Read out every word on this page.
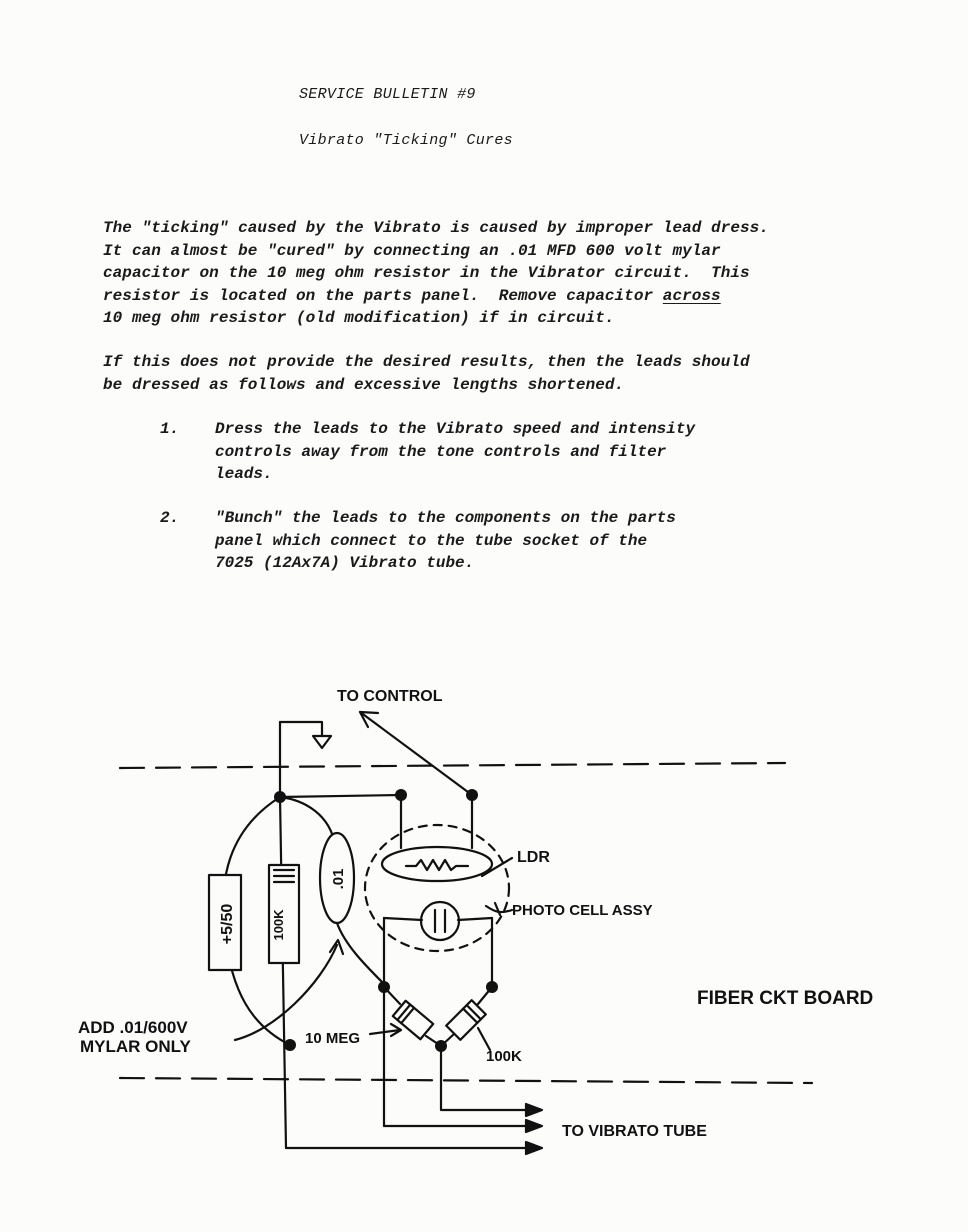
SERVICE BULLETIN #9
Vibrato "Ticking" Cures
The "ticking" caused by the Vibrato is caused by improper lead dress.
It can almost be "cured" by connecting an .01 MFD 600 volt mylar
capacitor on the 10 meg ohm resistor in the Vibrator circuit.  This
resistor is located on the parts panel.  Remove capacitor across
10 meg ohm resistor (old modification) if in circuit.
If this does not provide the desired results, then the leads should
be dressed as follows and excessive lengths shortened.
1. Dress the leads to the Vibrato speed and intensity
controls away from the tone controls and filter
leads.
2. "Bunch" the leads to the components on the parts
panel which connect to the tube socket of the
7025 (12Ax7A) Vibrato tube.
TO CONTROL
LDR
PHOTO CELL ASSY
FIBER CKT BOARD
ADD .01/600V
MYLAR ONLY	10 MEG
100K
TO VIBRATO TUBE
+5/50	100K
.01
